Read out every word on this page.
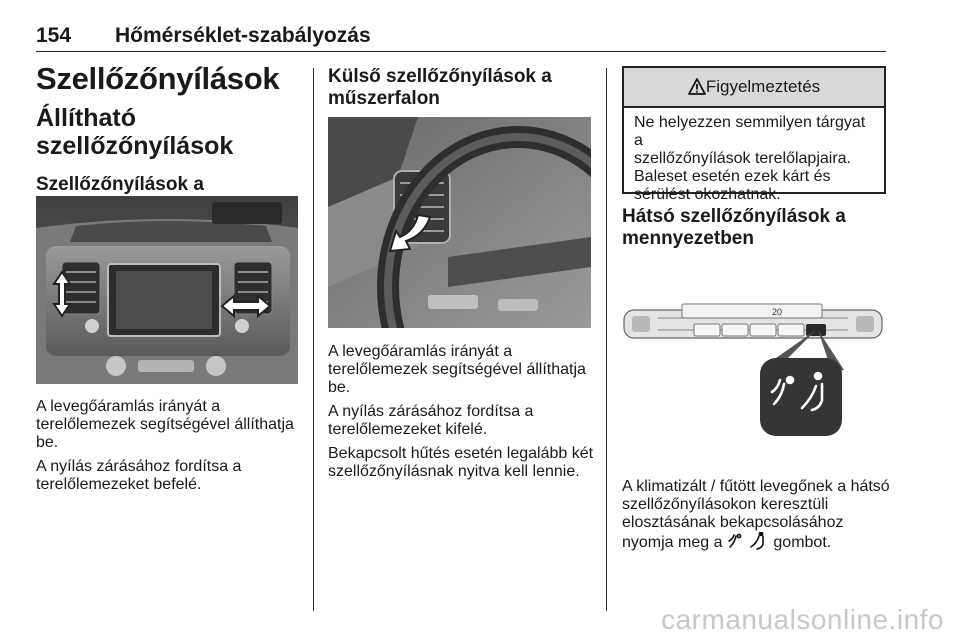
154 Hőmérséklet-szabályozás
Szellőzőnyílások
Állítható szellőzőnyílások
Szellőzőnyílások a

A levegőáramlás irányát a
terelőlemezek segítségével állíthatja
be.

A nyílás zárásához fordítsa a
terelőlemezeket befelé.

Külső szellőzőnyílások a
műszerfalon

A levegőáramlás irányát a
terelőlemezek segítségével állíthatja
be.

A nyílás zárásához fordítsa a
terelőlemezeket kifelé.

Bekapcsolt hűtés esetén legalább két
szellőzőnyílásnak nyitva kell lennie.

Figyelmeztetés
Ne helyezzen semmilyen tárgyat a
szellőzőnyílások terelőlapjaira.
Baleset esetén ezek kárt és
sérülést okozhatnak.
Hátsó szellőzőnyílások a
mennyezetben
20

A klimatizált / fűtött levegőnek a hátsó
szellőzőnyílásokon keresztüli
elosztásának bekapcsolásához
nyomja meg a	gombot.

carmanualsonline.info
